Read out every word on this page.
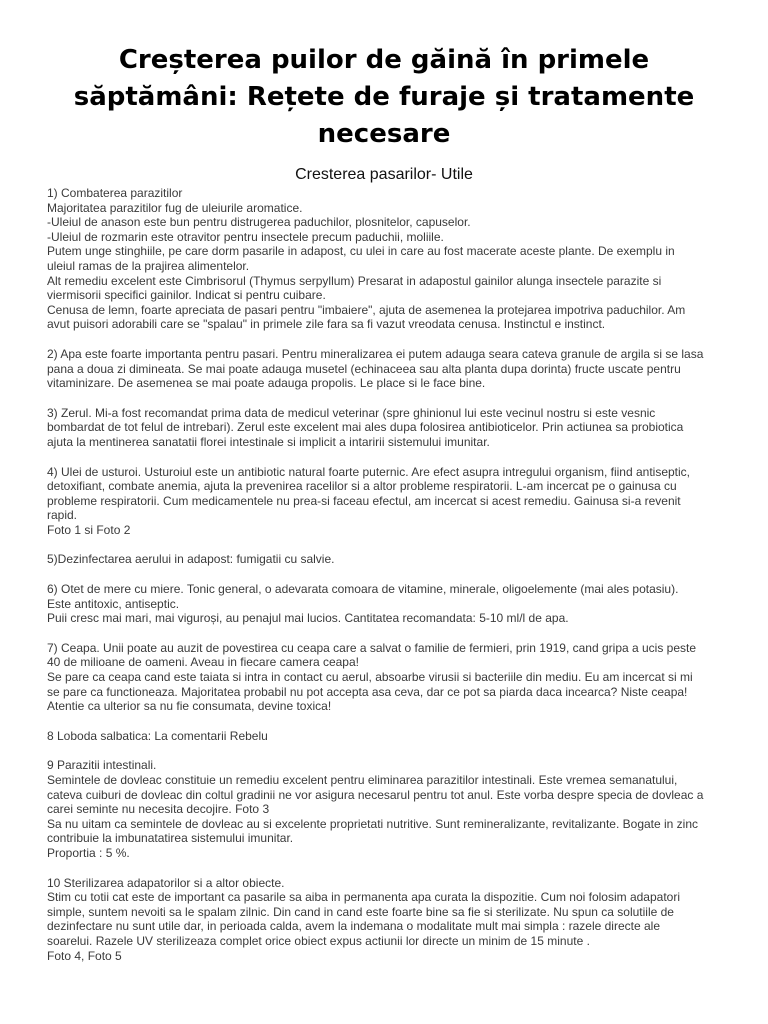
Creșterea puilor de găină în primele săptămâni: Rețete de furaje și tratamente necesare
Cresterea pasarilor- Utile
1) Combaterea parazitilor
Majoritatea parazitilor fug de uleiurile aromatice.
-Uleiul de anason este bun pentru distrugerea paduchilor, plosnitelor, capuselor.
-Uleiul de rozmarin este otravitor pentru insectele precum paduchii, moliile.
Putem unge stinghiile, pe care dorm pasarile in adapost, cu ulei in care au fost macerate aceste plante. De exemplu in
uleiul ramas de la prajirea alimentelor.
Alt remediu excelent este Cimbrisorul (Thymus serpyllum) Presarat in adapostul gainilor alunga insectele parazite si
viermisorii specifici gainilor. Indicat si pentru cuibare.
Cenusa de lemn, foarte apreciata de pasari pentru "imbaiere", ajuta de asemenea la protejarea impotriva paduchilor. Am
avut puisori adorabili care se "spalau" in primele zile fara sa fi vazut vreodata cenusa. Instinctul e instinct.
2) Apa este foarte importanta pentru pasari. Pentru mineralizarea ei putem adauga seara cateva granule de argila si se lasa
pana a doua zi dimineata. Se mai poate adauga musetel (echinaceea sau alta planta dupa dorinta) fructe uscate pentru
vitaminizare. De asemenea se mai poate adauga propolis. Le place si le face bine.
3) Zerul. Mi-a fost recomandat prima data de medicul veterinar (spre ghinionul lui este vecinul nostru si este vesnic
bombardat de tot felul de intrebari). Zerul este excelent mai ales dupa folosirea antibioticelor. Prin actiunea sa probiotica
ajuta la mentinerea sanatatii florei intestinale si implicit a intaririi sistemului imunitar.
4) Ulei de usturoi. Usturoiul este un antibiotic natural foarte puternic. Are efect asupra intregului organism, fiind antiseptic,
detoxifiant, combate anemia, ajuta la prevenirea racelilor si a altor probleme respiratorii. L-am incercat pe o gainusa cu
probleme respiratorii. Cum medicamentele nu prea-si faceau efectul, am incercat si acest remediu. Gainusa si-a revenit
rapid.
Foto 1 si Foto 2
5)Dezinfectarea aerului in adapost: fumigatii cu salvie.
6) Otet de mere cu miere. Tonic general, o adevarata comoara de vitamine, minerale, oligoelemente (mai ales potasiu).
Este antitoxic, antiseptic.
Puii cresc mai mari, mai viguroși, au penajul mai lucios. Cantitatea recomandata: 5-10 ml/l de apa.
7) Ceapa. Unii poate au auzit de povestirea cu ceapa care a salvat o familie de fermieri, prin 1919, cand gripa a ucis peste
40 de milioane de oameni. Aveau in fiecare camera ceapa!
Se pare ca ceapa cand este taiata si intra in contact cu aerul, absoarbe virusii si bacteriile din mediu. Eu am incercat si mi
se pare ca functioneaza. Majoritatea probabil nu pot accepta asa ceva, dar ce pot sa piarda daca incearca? Niste ceapa!
Atentie ca ulterior sa nu fie consumata, devine toxica!
8 Loboda salbatica: La comentarii Rebelu
9 Parazitii intestinali.
Semintele de dovleac constituie un remediu excelent pentru eliminarea parazitilor intestinali. Este vremea semanatului,
cateva cuiburi de dovleac din coltul gradinii ne vor asigura necesarul pentru tot anul. Este vorba despre specia de dovleac a
carei seminte nu necesita decojire. Foto 3
Sa nu uitam ca semintele de dovleac au si excelente proprietati nutritive. Sunt remineralizante, revitalizante. Bogate in zinc
contribuie la imbunatatirea sistemului imunitar.
Proportia : 5 %.
10 Sterilizarea adapatorilor si a altor obiecte.
Stim cu totii cat este de important ca pasarile sa aiba in permanenta apa curata la dispozitie. Cum noi folosim adapatori
simple, suntem nevoiti sa le spalam zilnic. Din cand in cand este foarte bine sa fie si sterilizate. Nu spun ca solutiile de
dezinfectare nu sunt utile dar, in perioada calda, avem la indemana o modalitate mult mai simpla : razele directe ale
soarelui. Razele UV sterilizeaza complet orice obiect expus actiunii lor directe un minim de 15 minute .
Foto 4, Foto 5
